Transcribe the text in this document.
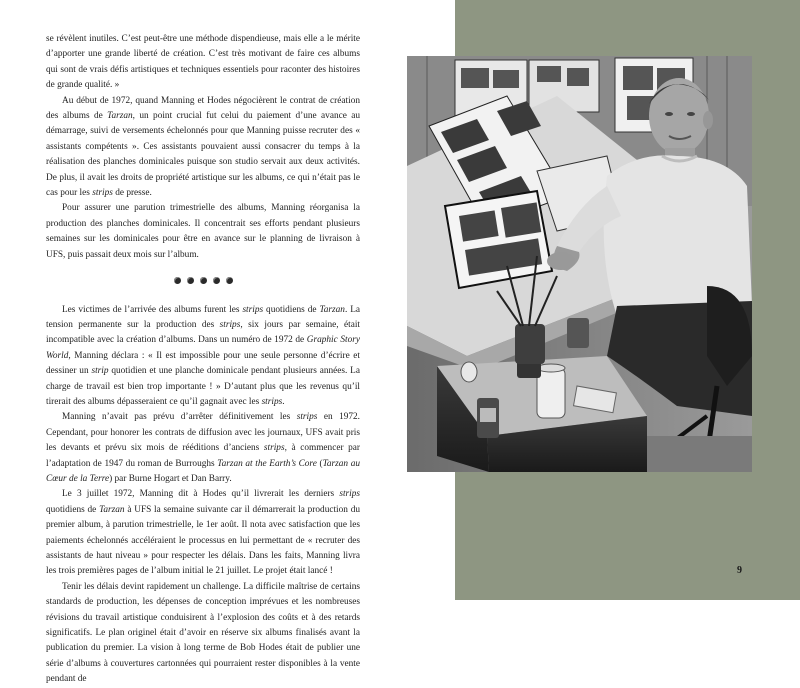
se révèlent inutiles. C’est peut-être une méthode dispendieuse, mais elle a le mérite d’apporter une grande liberté de création. C’est très motivant de faire ces albums qui sont de vrais défis artistiques et techniques essentiels pour raconter des histoires de grande qualité. »

Au début de 1972, quand Manning et Hodes négocièrent le contrat de création des albums de Tarzan, un point crucial fut celui du paiement d’une avance au démarrage, suivi de versements échelonnés pour que Manning puisse recruter des « assistants compétents ». Ces assistants pouvaient aussi consacrer du temps à la réalisation des planches dominicales puisque son studio servait aux deux activités. De plus, il avait les droits de propriété artistique sur les albums, ce qui n’était pas le cas pour les strips de presse.

Pour assurer une parution trimestrielle des albums, Manning réorganisa la production des planches dominicales. Il concentrait ses efforts pendant plusieurs semaines sur les dominicales pour être en avance sur le planning de livraison à UFS, puis passait deux mois sur l’album.

Les victimes de l’arrivée des albums furent les strips quotidiens de Tarzan. La tension permanente sur la production des strips, six jours par semaine, était incompatible avec la création d’albums. Dans un numéro de 1972 de Graphic Story World, Manning déclara : « Il est impossible pour une seule personne d’écrire et dessiner un strip quotidien et une planche dominicale pendant plusieurs années. La charge de travail est bien trop importante ! » D’autant plus que les revenus qu’il tirerait des albums dépasseraient ce qu’il gagnait avec les strips.

Manning n’avait pas prévu d’arrêter définitivement les strips en 1972. Cependant, pour honorer les contrats de diffusion avec les journaux, UFS avait pris les devants et prévu six mois de rééditions d’anciens strips, à commencer par l’adaptation de 1947 du roman de Burroughs Tarzan at the Earth’s Core (Tarzan au Cœur de la Terre) par Burne Hogart et Dan Barry.

Le 3 juillet 1972, Manning dit à Hodes qu’il livrerait les derniers strips quotidiens de Tarzan à UFS la semaine suivante car il démarrerait la production du premier album, à parution trimestrielle, le 1er août. Il nota avec satisfaction que les paiements échelonnés accéléraient le processus en lui permettant de « recruter des assistants de haut niveau » pour respecter les délais. Dans les faits, Manning livra les trois premières pages de l’album initial le 21 juillet. Le projet était lancé !

Tenir les délais devint rapidement un challenge. La difficile maîtrise de certains standards de production, les dépenses de conception imprévues et les nombreuses révisions du travail artistique conduisirent à l’explosion des coûts et à des retards significatifs. Le plan originel était d’avoir en réserve six albums finalisés avant la publication du premier. La vision à long terme de Bob Hodes était de publier une série d’albums à couvertures cartonnées qui pourraient rester disponibles à la vente pendant de

9
